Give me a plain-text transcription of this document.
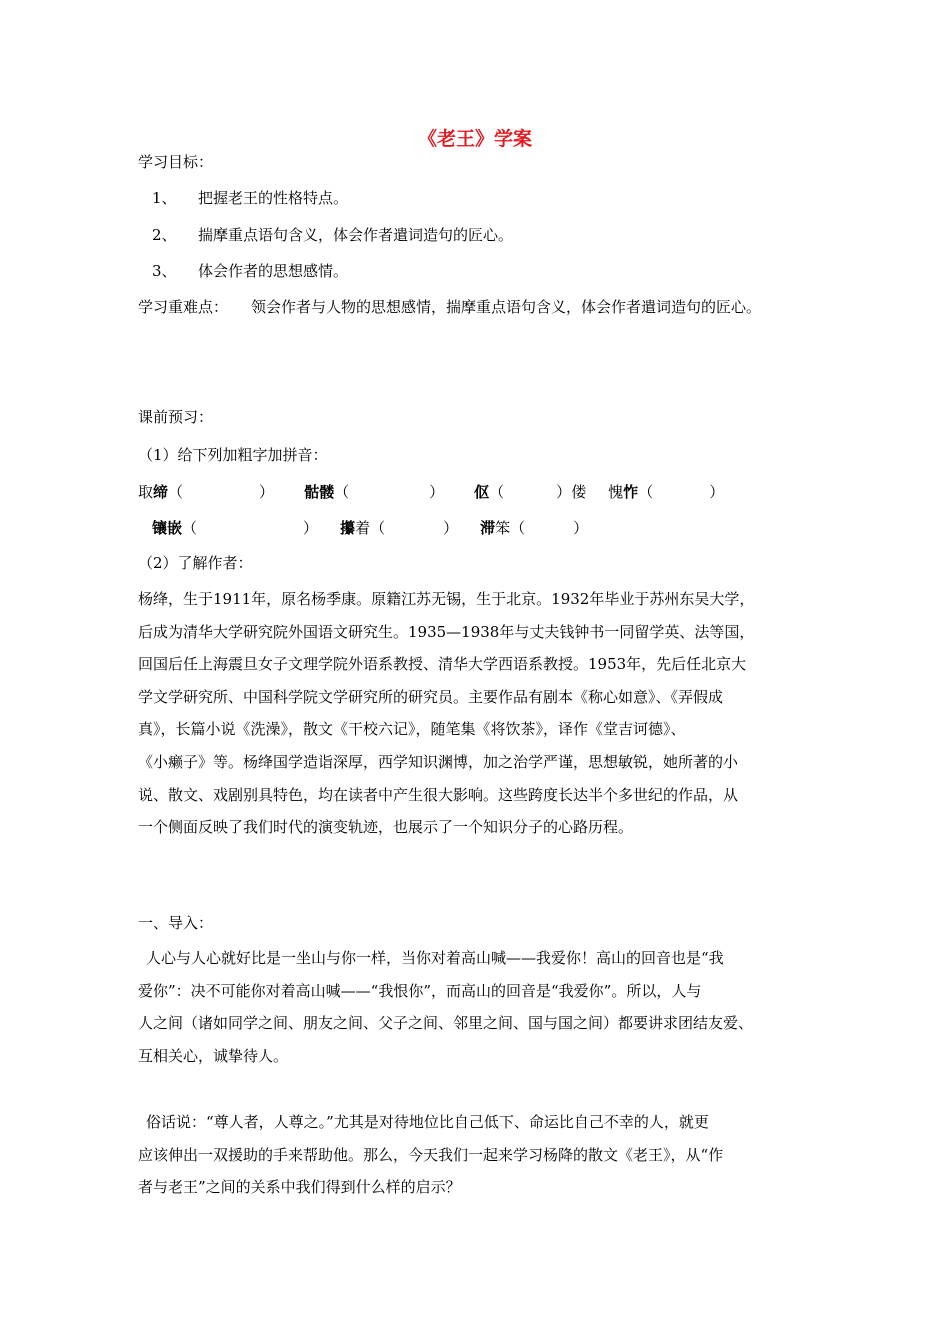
《老王》学案
学习目标：
1、 把握老王的性格特点。
2、 揣摩重点语句含义，体会作者遣词造句的匠心。
3、 体会作者的思想感情。
学习重难点： 领会作者与人物的思想感情，揣摩重点语句含义，体会作者遣词造句的匠心。
课前预习：
（1）给下列加粗字加拼音：
取缔（	） 骷髅（	） 伛（	）偻 愧怍（	）
镶嵌（	） 攥着（	） 滞笨（	）
（2）了解作者：
杨绛，生于1911年，原名杨季康。原籍江苏无锡，生于北京。1932年毕业于苏州东吴大学，
后成为清华大学研究院外国语文研究生。1935—1938年与丈夫钱钟书一同留学英、法等国，
回国后任上海震旦女子文理学院外语系教授、清华大学西语系教授。1953年，先后任北京大
学文学研究所、中国科学院文学研究所的研究员。主要作品有剧本《称心如意》、《弄假成
真》，长篇小说《洗澡》，散文《干校六记》，随笔集《将饮茶》，译作《堂吉诃德》、
《小癞子》等。杨绛国学造诣深厚，西学知识渊博，加之治学严谨，思想敏锐，她所著的小
说、散文、戏剧别具特色，均在读者中产生很大影响。这些跨度长达半个多世纪的作品，从
一个侧面反映了我们时代的演变轨迹，也展示了一个知识分子的心路历程。
一、导入：
人心与人心就好比是一坐山与你一样，当你对着高山喊——我爱你！高山的回音也是“我
爱你”：决不可能你对着高山喊——“我恨你”，而高山的回音是“我爱你”。所以，人与
人之间（诸如同学之间、朋友之间、父子之间、邻里之间、国与国之间）都要讲求团结友爱、
互相关心，诚挚待人。
俗话说：“尊人者，人尊之。”尤其是对待地位比自己低下、命运比自己不幸的人，就更
应该伸出一双援助的手来帮助他。那么，今天我们一起来学习杨降的散文《老王》，从“作
者与老王”之间的关系中我们得到什么样的启示？
